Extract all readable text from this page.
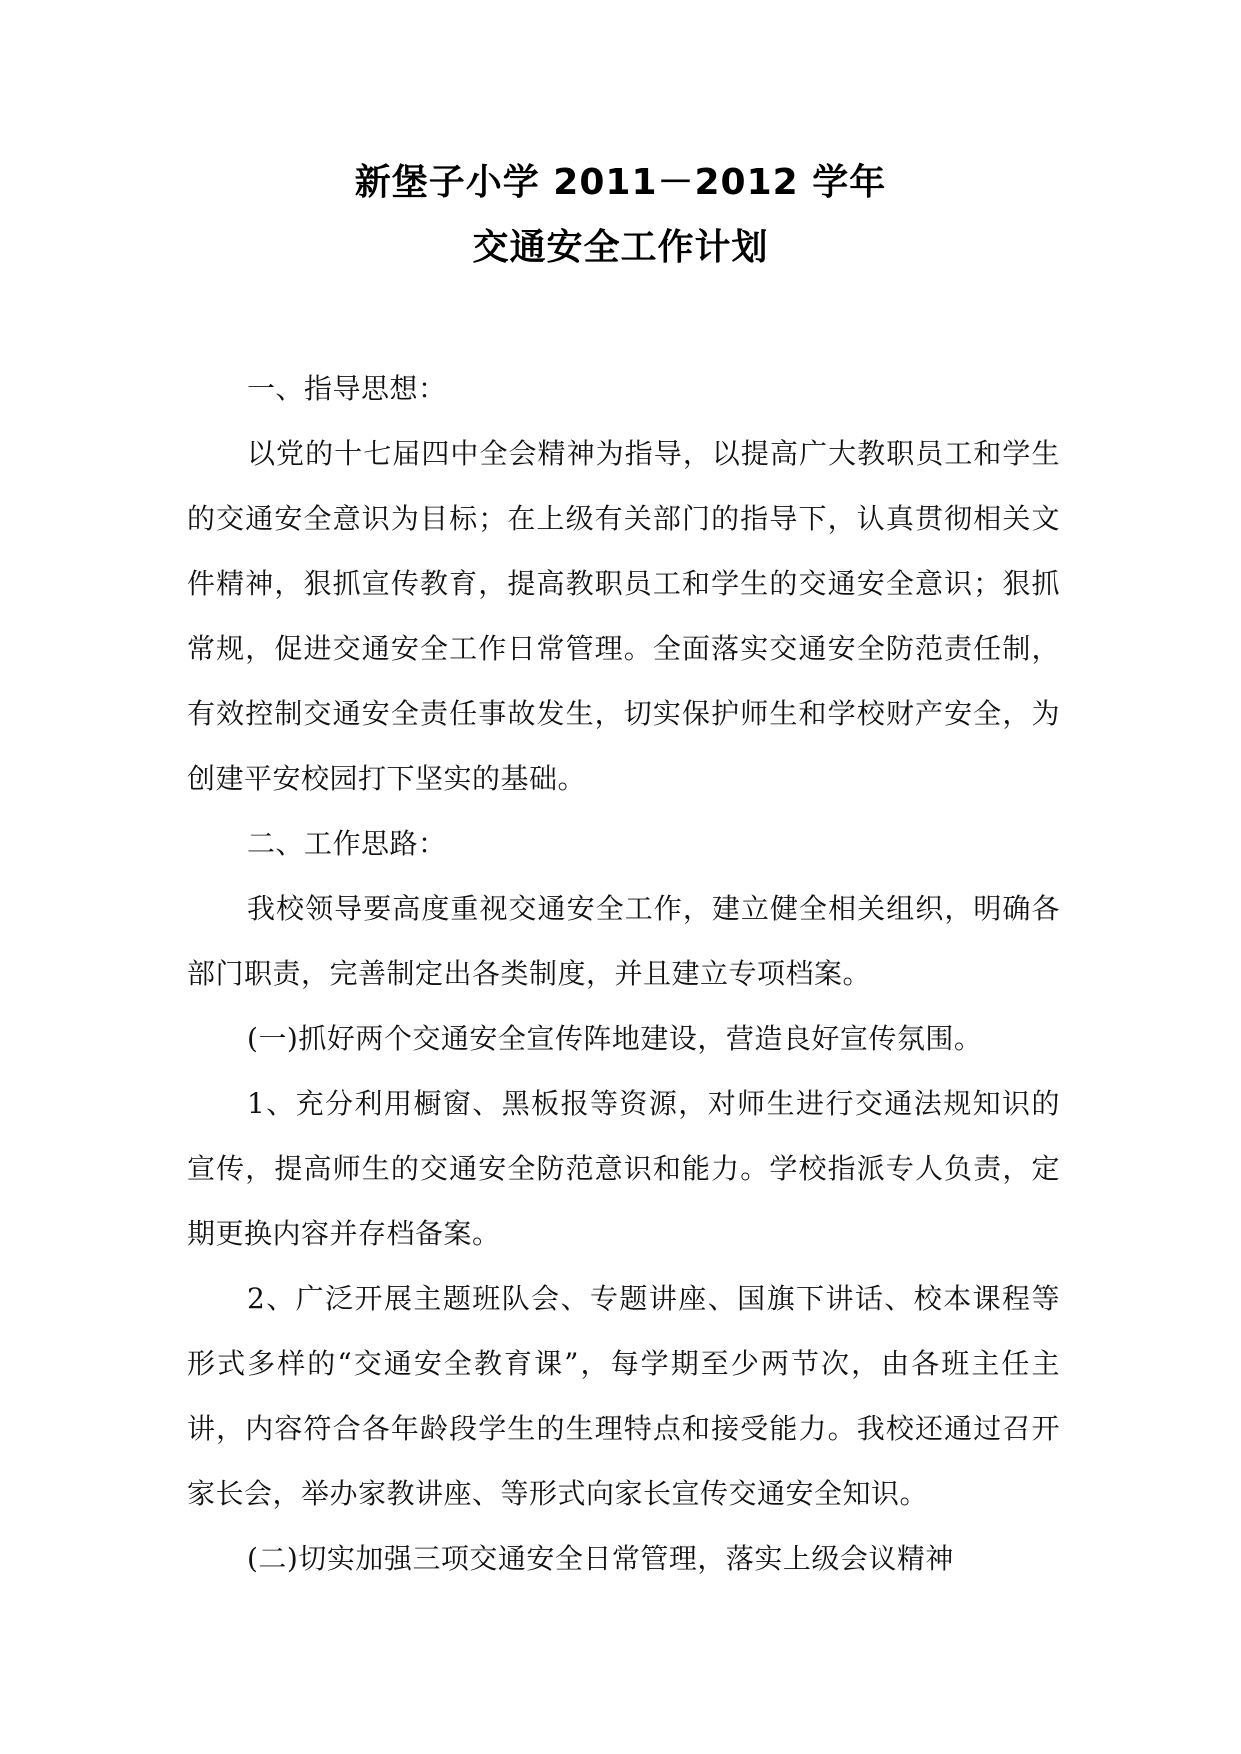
新堡子小学 2011－2012 学年
交通安全工作计划

一、指导思想：

以党的十七届四中全会精神为指导，以提高广大教职员工和学生的交通安全意识为目标；在上级有关部门的指导下，认真贯彻相关文件精神，狠抓宣传教育，提高教职员工和学生的交通安全意识；狠抓常规，促进交通安全工作日常管理。全面落实交通安全防范责任制，有效控制交通安全责任事故发生，切实保护师生和学校财产安全，为创建平安校园打下坚实的基础。

二、工作思路：

我校领导要高度重视交通安全工作，建立健全相关组织，明确各部门职责，完善制定出各类制度，并且建立专项档案。

(一)抓好两个交通安全宣传阵地建设，营造良好宣传氛围。

1、充分利用橱窗、黑板报等资源，对师生进行交通法规知识的宣传，提高师生的交通安全防范意识和能力。学校指派专人负责，定期更换内容并存档备案。

2、广泛开展主题班队会、专题讲座、国旗下讲话、校本课程等形式多样的“交通安全教育课”，每学期至少两节次，由各班主任主讲，内容符合各年龄段学生的生理特点和接受能力。我校还通过召开家长会，举办家教讲座、等形式向家长宣传交通安全知识。

(二)切实加强三项交通安全日常管理，落实上级会议精神
